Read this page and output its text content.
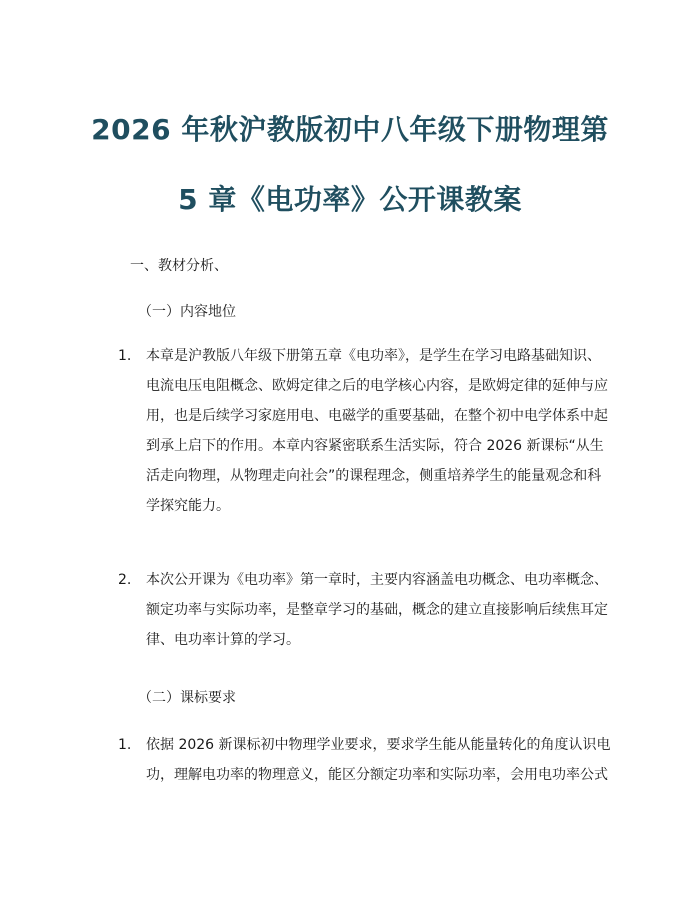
2026 年秋沪教版初中八年级下册物理第
5 章《电功率》公开课教案
一、教材分析、
（一）内容地位
1.	本章是沪教版八年级下册第五章《电功率》，是学生在学习电路基础知识、
电流电压电阻概念、欧姆定律之后的电学核心内容，是欧姆定律的延伸与应
用，也是后续学习家庭用电、电磁学的重要基础，在整个初中电学体系中起
到承上启下的作用。本章内容紧密联系生活实际，符合 2026 新课标“从生
活走向物理，从物理走向社会”的课程理念，侧重培养学生的能量观念和科
学探究能力。
2.	本次公开课为《电功率》第一章时，主要内容涵盖电功概念、电功率概念、
额定功率与实际功率，是整章学习的基础，概念的建立直接影响后续焦耳定
律、电功率计算的学习。
（二）课标要求
1.	依据 2026 新课标初中物理学业要求，要求学生能从能量转化的角度认识电
功，理解电功率的物理意义，能区分额定功率和实际功率，会用电功率公式
